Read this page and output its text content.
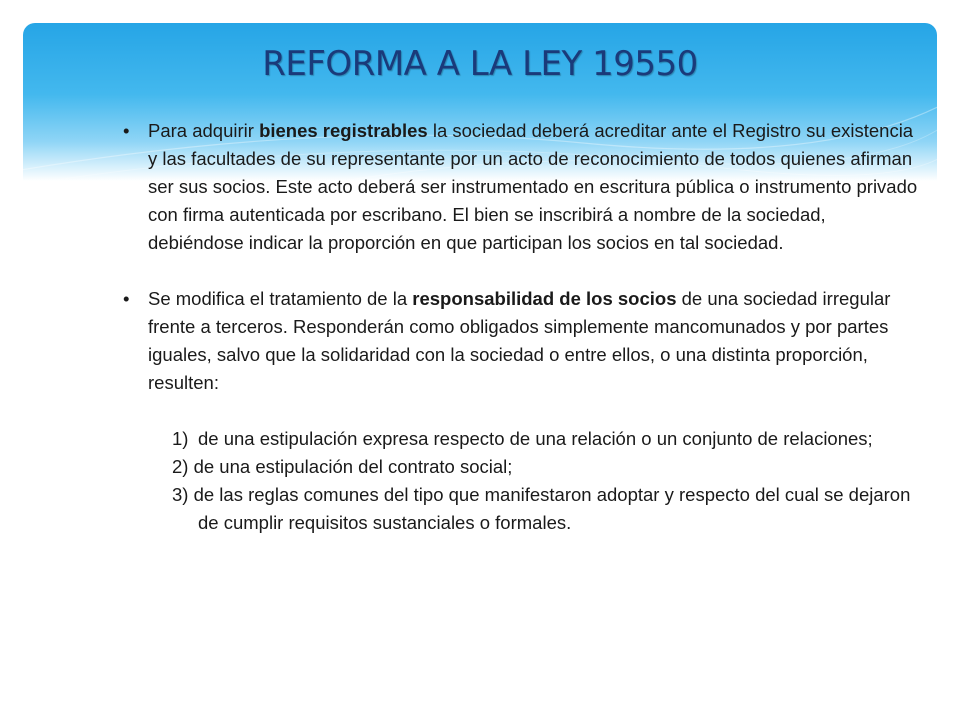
REFORMA A LA LEY 19550
• Para adquirir bienes registrables la sociedad deberá acreditar ante el Registro su existencia y las facultades de su representante por un acto de reconocimiento de todos quienes afirman ser sus socios. Este acto deberá ser instrumentado en escritura pública o instrumento privado con firma autenticada por escribano. El bien se inscribirá a nombre de la sociedad, debiéndose indicar la proporción en que participan los socios en tal sociedad.
• Se modifica el tratamiento de la responsabilidad de los socios de una sociedad irregular frente a terceros. Responderán como obligados simplemente mancomunados y por partes iguales, salvo que la solidaridad con la sociedad o entre ellos, o una distinta proporción, resulten:
1) de una estipulación expresa respecto de una relación o un conjunto de relaciones;
2) de una estipulación del contrato social;
3) de las reglas comunes del tipo que manifestaron adoptar y respecto del cual se dejaron de cumplir requisitos sustanciales o formales.
